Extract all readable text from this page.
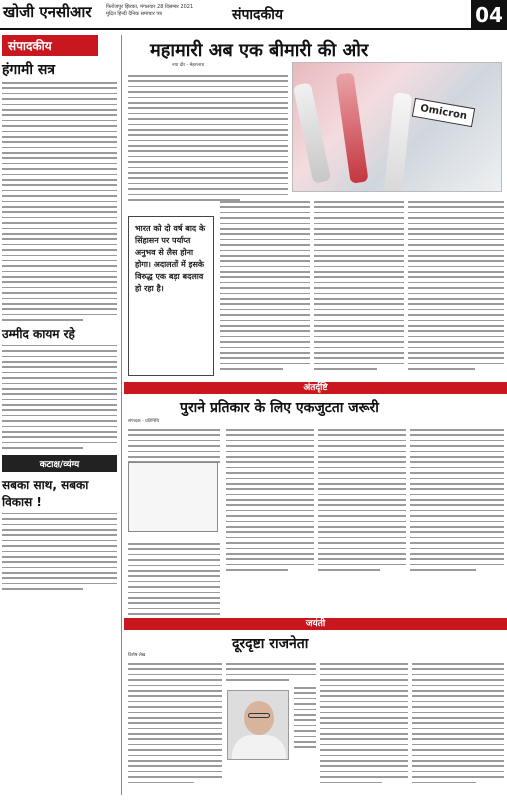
खोजी एनसीआर	फिरोजपुर झिरका, मंगलवार 28 दिसम्बर 2021
मुद्रित हिन्दी दैनिक समाचार पत्र	संपादकीय	04
संपादकीय
हंगामी सत्र
उम्मीद कायम रहे
कटाक्ष/व्यंग्य
सबका साथ, सबका विकास !
महामारी अब एक बीमारी की ओर
नया दौर - मेहरानाथ
Omicron
भारत को दो वर्ष बाद के सिंहासन पर पर्याप्त अनुभव से लैस होना होगा। अदालतों में इसके विरुद्ध एक बड़ा बदलाव हो रहा है।
अंतर्दृष्टि
पुराने प्रतिकार के लिए एकजुटता जरूरी
संपादक - प्रतिनिधि
जयंती
दूरदृष्टा राजनेता
विशेष लेख
